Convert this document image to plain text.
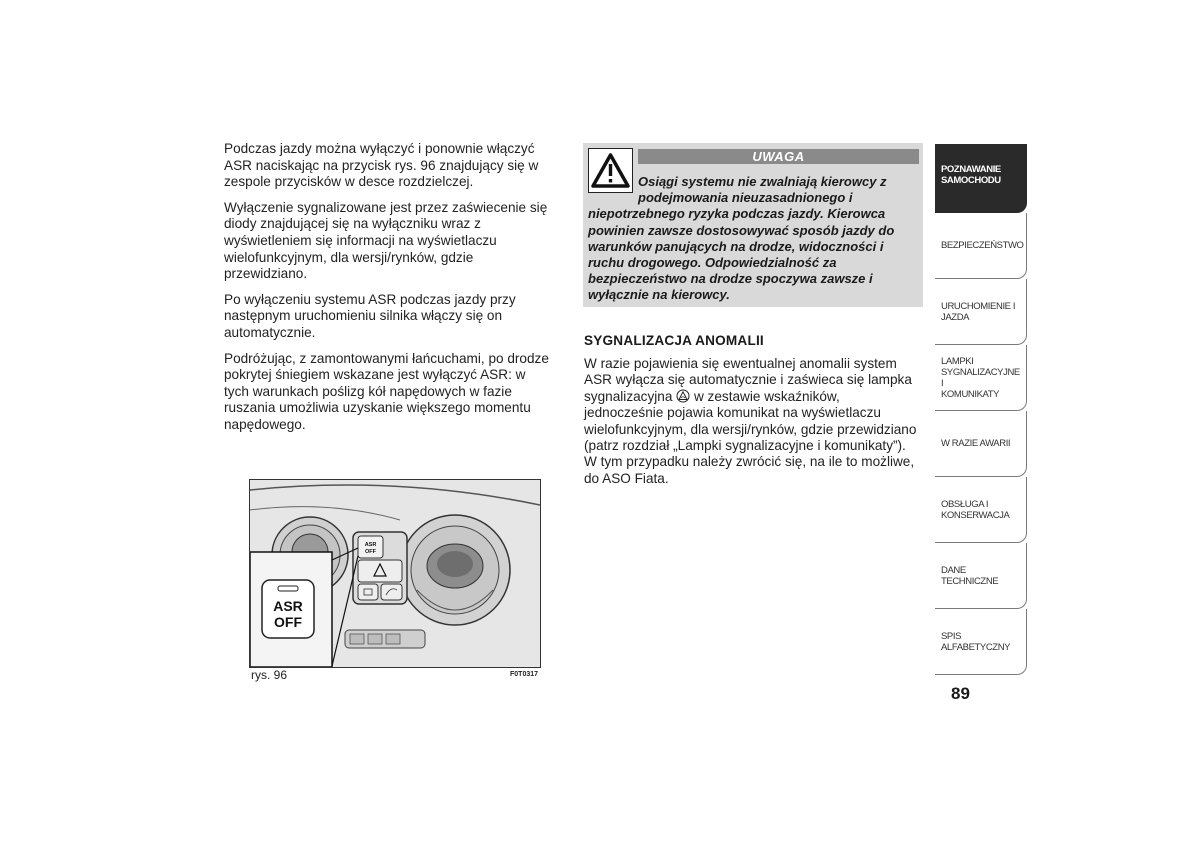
Podczas jazdy można wyłączyć i ponownie włączyć ASR naciskając na przycisk rys. 96 znajdujący się w zespole przycisków w desce rozdzielczej.

Wyłączenie sygnalizowane jest przez zaświecenie się diody znajdującej się na wyłączniku wraz z wyświetleniem się informacji na wyświetlaczu wielofunkcyjnym, dla wersji/rynków, gdzie przewidziano.

Po wyłączeniu systemu ASR podczas jazdy przy następnym uruchomieniu silnika włączy się on automatycznie.

Podróżując, z zamontowanymi łańcuchami, po drodze pokrytej śniegiem wskazane jest wyłączyć ASR: w tych warunkach poślizg kół napędowych w fazie ruszania umożliwia uzyskanie większego momentu napędowego.

UWAGA
Osiągi systemu nie zwalniają kierowcy z podejmowania nieuzasadnionego i niepotrzebnego ryzyka podczas jazdy. Kierowca powinien zawsze dostosowywać sposób jazdy do warunków panujących na drodze, widoczności i ruchu drogowego. Odpowiedzialność za bezpieczeństwo na drodze spoczywa zawsze i wyłącznie na kierowcy.
SYGNALIZACJA ANOMALII
W razie pojawienia się ewentualnej anomalii system ASR wyłącza się automatycznie i zaświeca się lampka sygnalizacyjna  w zestawie wskaźników, jednocześnie pojawia komunikat na wyświetlaczu wielofunkcyjnym, dla wersji/rynków, gdzie przewidziano (patrz rozdział „Lampki sygnalizacyjne i komunikaty”). W tym przypadku należy zwrócić się, na ile to możliwe, do ASO Fiata.
ASR
OFF
ASR
OFF
rys. 96	F0T0317
POZNAWANIE
SAMOCHODU
BEZPIECZEŃSTWO
URUCHOMIENIE I
JAZDA
LAMPKI
SYGNALIZACYJNE I
KOMUNIKATY
W RAZIE AWARII
OBSŁUGA I
KONSERWACJA
DANE TECHNICZNE
SPIS ALFABETYCZNY
89
